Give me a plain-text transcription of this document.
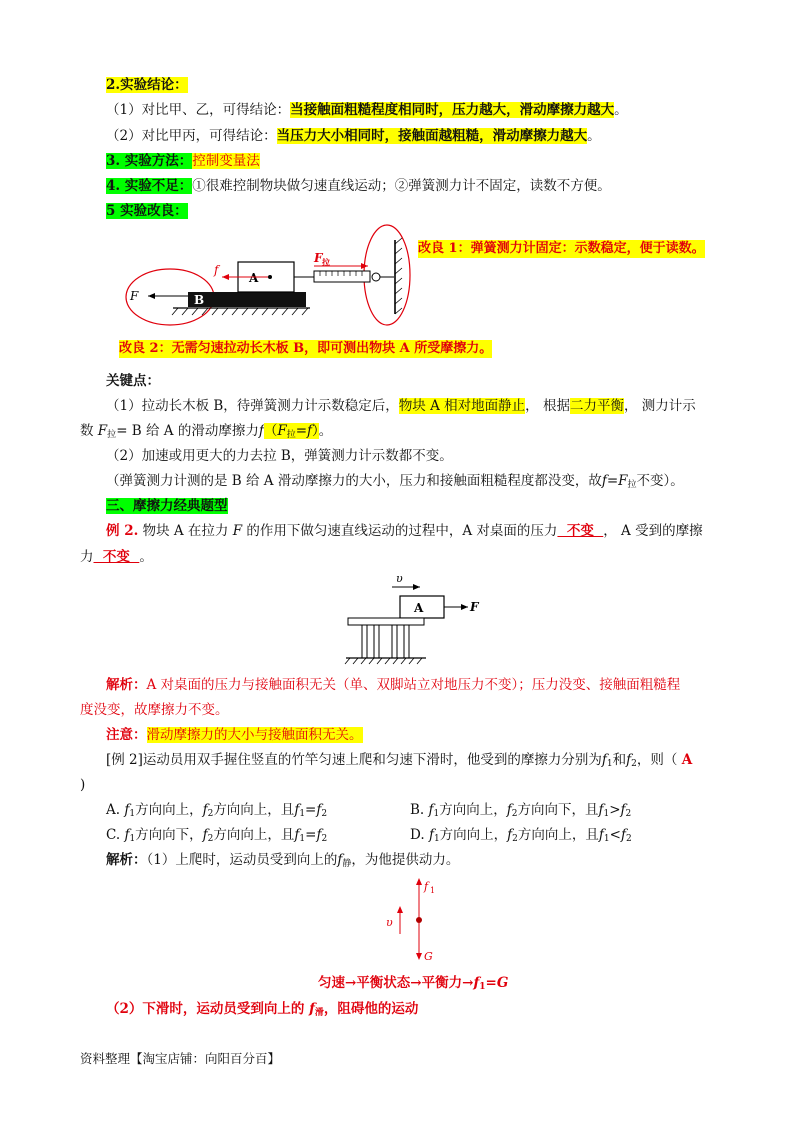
2.实验结论：
（1）对比甲、乙，可得结论：当接触面粗糙程度相同时，压力越大，滑动摩擦力越大。
（2）对比甲丙，可得结论：当压力大小相同时，接触面越粗糙，滑动摩擦力越大。
3. 实验方法：控制变量法
4. 实验不足：①很难控制物块做匀速直线运动；②弹簧测力计不固定，读数不方便。
5 实验改良：
B
F
A
f
F 拉
改良 1：弹簧测力计固定：示数稳定，便于读数。
改良 2：无需匀速拉动长木板 B，即可测出物块 A 所受摩擦力。
关键点：
（1）拉动长木板 B，待弹簧测力计示数稳定后，物块 A 相对地面静止， 根据二力平衡， 测力计示
数 $F_拉= B$ 给 A 的滑动摩擦力$f(F_拉=f)$。
（2）加速或用更大的力去拉 B，弹簧测力计示数都不变。
（弹簧测力计测的是 B 给 A 滑动摩擦力的大小，压力和接触面粗糙程度都没变，故$f=F_拉$不变）。
三、摩擦力经典题型
例 2. 物块 A 在拉力 F 的作用下做匀速直线运动的过程中，A 对桌面的压力  不变  ， A 受到的摩擦
力  不变  。
υ
A	F
解析：A 对桌面的压力与接触面积无关（单、双脚站立对地压力不变）；压力没变、接触面粗糙程
度没变，故摩擦力不变。
注意：滑动摩擦力的大小与接触面积无关。
[例 2]运动员用双手握住竖直的竹竿匀速上爬和匀速下滑时，他受到的摩擦力分别为$f_1$和$f_2$，则（ A
)
A. $f_1$方向向上，$f_2$方向向上，且$f_1=f_2$	B. $f_1$方向向上，$f_2$方向向下，且$f_1>f_2$
C. $f_1$方向向下，$f_2$方向向上，且$f_1=f_2$	D. $f_1$方向向上，$f_2$方向向上，且$f_1<f_2$
解析：（1）上爬时，运动员受到向上的$f_静$，为他提供动力。
υ
f 1
G
匀速→平衡状态→平衡力$\to f_1=G$
（2）下滑时，运动员受到向上的 $f_滑$，阻碍他的运动
资料整理【淘宝店铺：向阳百分百】
